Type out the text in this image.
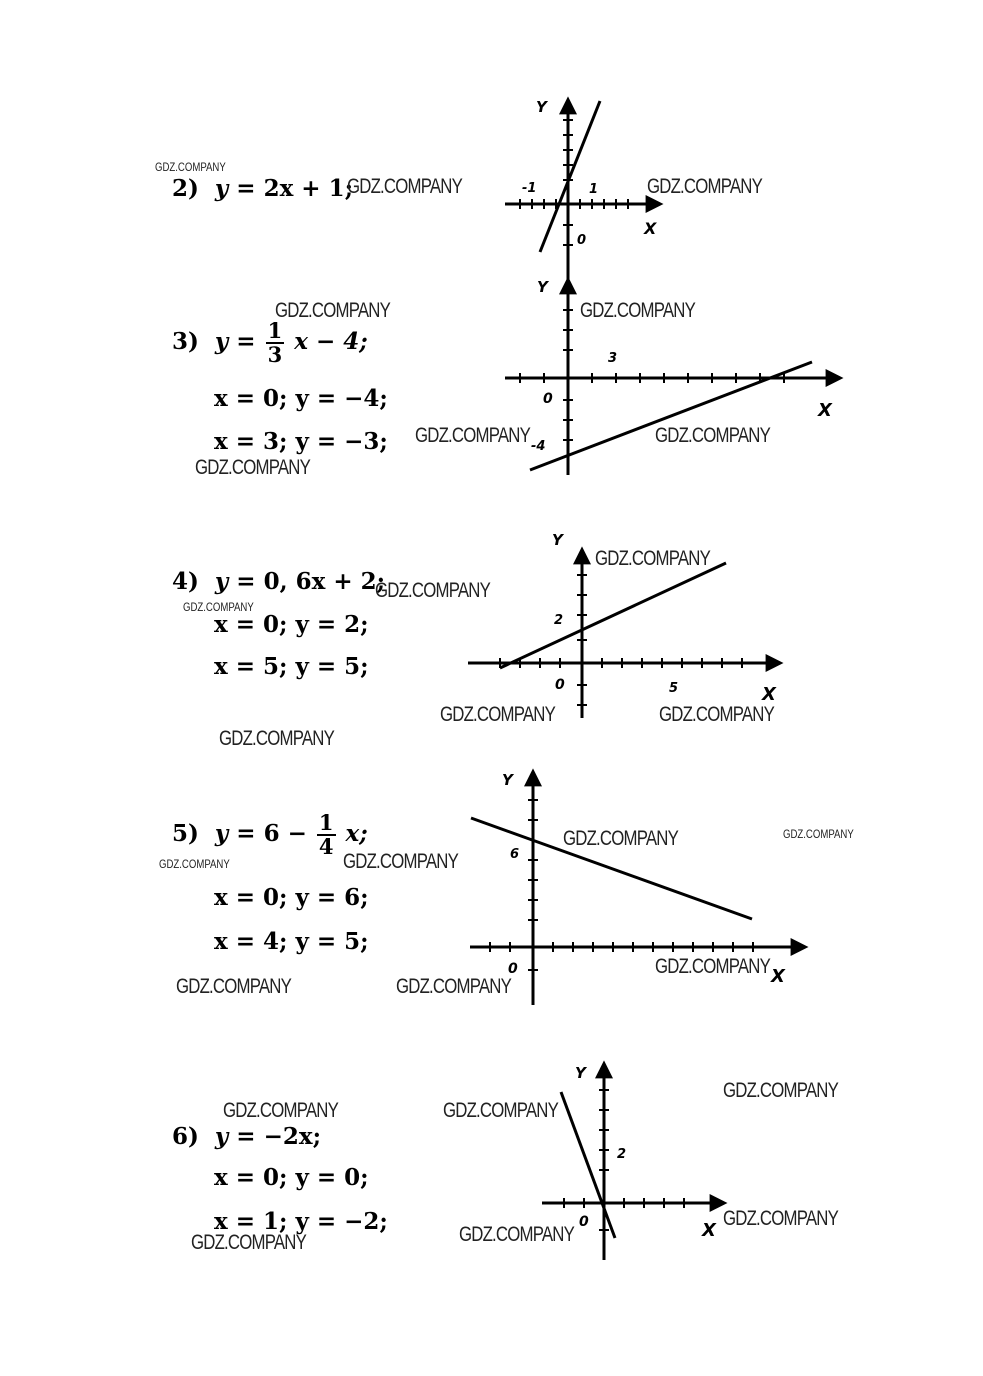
2) y = 2x + 1;
3) $y = \frac{1}{3}$ x − 4;
x = 0; y = −4;
x = 3; y = −3;
4) y = 0, 6x + 2;
x = 0; y = 2;
x = 5; y = 5;
5) $y = 6 - \frac{1}{4} x$;
x = 0; y = 6;
x = 4; y = 5;
6) y = −2x;
x = 0; y = 0;
x = 1; y = −2;
Y
X
0
-1	1
Y
X
0
3
-4
Y
X
0
2
5
Y
X
0
6
Y
X
0
2
GDZ.COMPANY
GDZ.COMPANY	GDZ.COMPANY
GDZ.COMPANY	GDZ.COMPANY
GDZ.COMPANY	GDZ.COMPANY
GDZ.COMPANY
GDZ.COMPANY
GDZ.COMPANY
GDZ.COMPANY
GDZ.COMPANY	GDZ.COMPANY
GDZ.COMPANY
GDZ.COMPANY	GDZ.COMPANY
GDZ.COMPANY	GDZ.COMPANY
GDZ.COMPANY
GDZ.COMPANY	GDZ.COMPANY
GDZ.COMPANY
GDZ.COMPANY	GDZ.COMPANY
GDZ.COMPANY
GDZ.COMPANY
GDZ.COMPANY
